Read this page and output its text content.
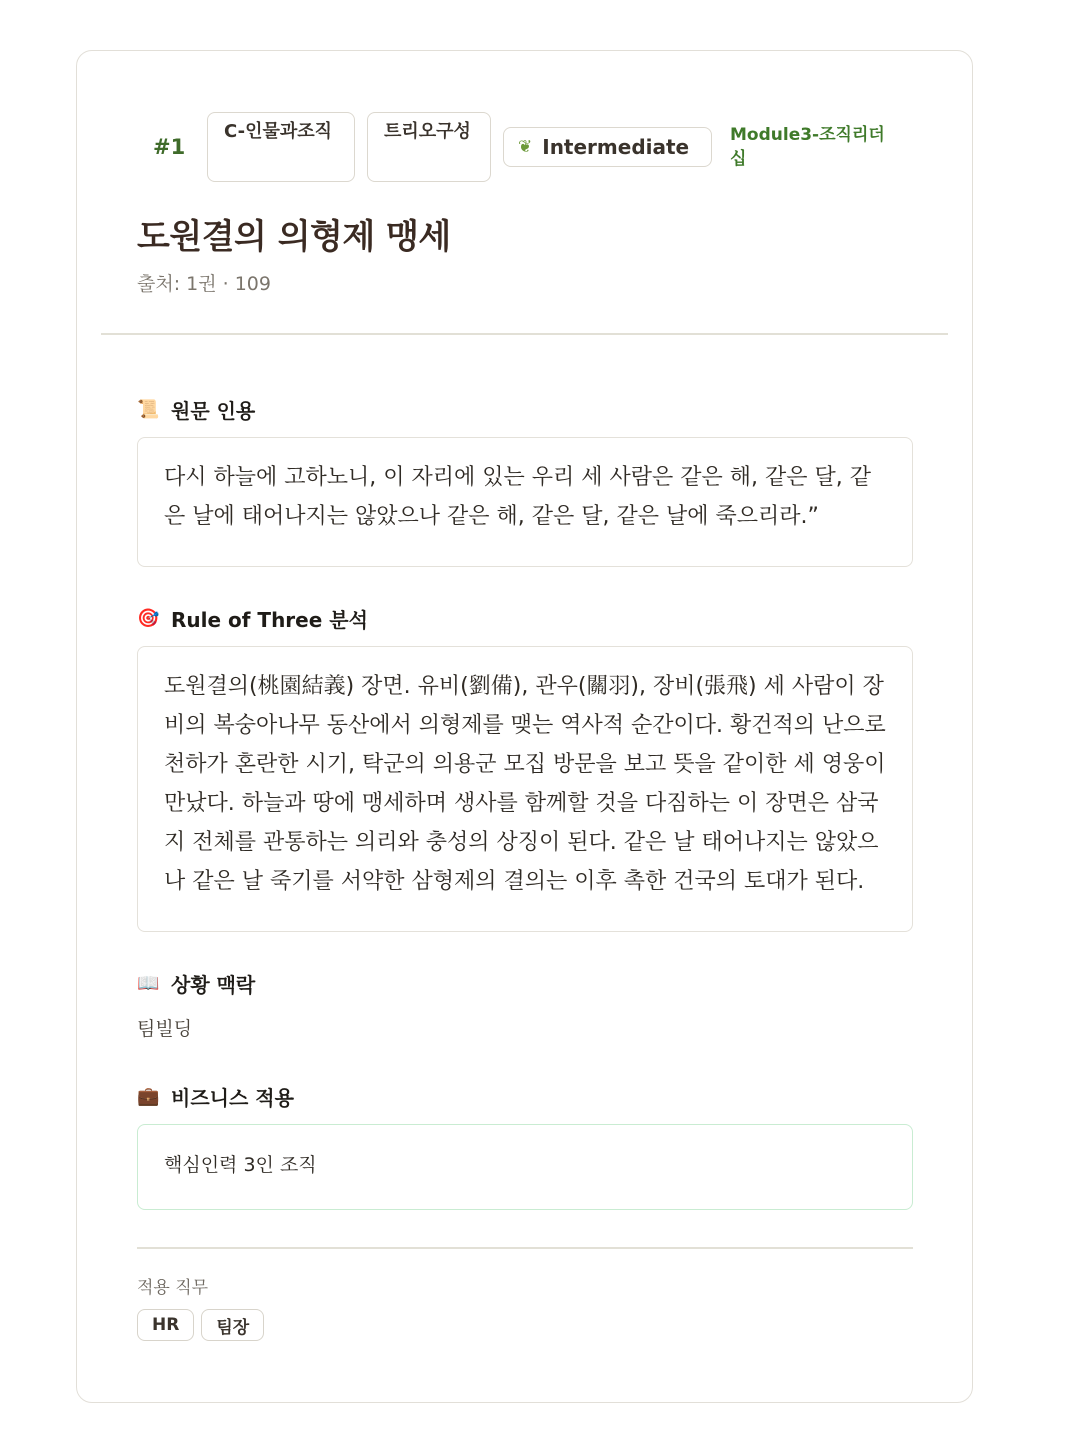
#1
C-인물과조직	트리오구성
❦ Intermediate Module3-조직리더십
도원결의 의형제 맹세
출처: 1권 · 109
📜 원문 인용
다시 하늘에 고하노니, 이 자리에 있는 우리 세 사람은 같은 해, 같은 달, 같은 날에 태어나지는 않았으나 같은 해, 같은 달, 같은 날에 죽으리라.”
🎯 Rule of Three 분석
도원결의(桃園結義) 장면. 유비(劉備), 관우(關羽), 장비(張飛) 세 사람이 장비의 복숭아나무 동산에서 의형제를 맺는 역사적 순간이다. 황건적의 난으로 천하가 혼란한 시기, 탁군의 의용군 모집 방문을 보고 뜻을 같이한 세 영웅이 만났다. 하늘과 땅에 맹세하며 생사를 함께할 것을 다짐하는 이 장면은 삼국지 전체를 관통하는 의리와 충성의 상징이 된다. 같은 날 태어나지는 않았으나 같은 날 죽기를 서약한 삼형제의 결의는 이후 촉한 건국의 토대가 된다.
📖 상황 맥락
팀빌딩
💼 비즈니스 적용
핵심인력 3인 조직
적용 직무
HR	팀장
